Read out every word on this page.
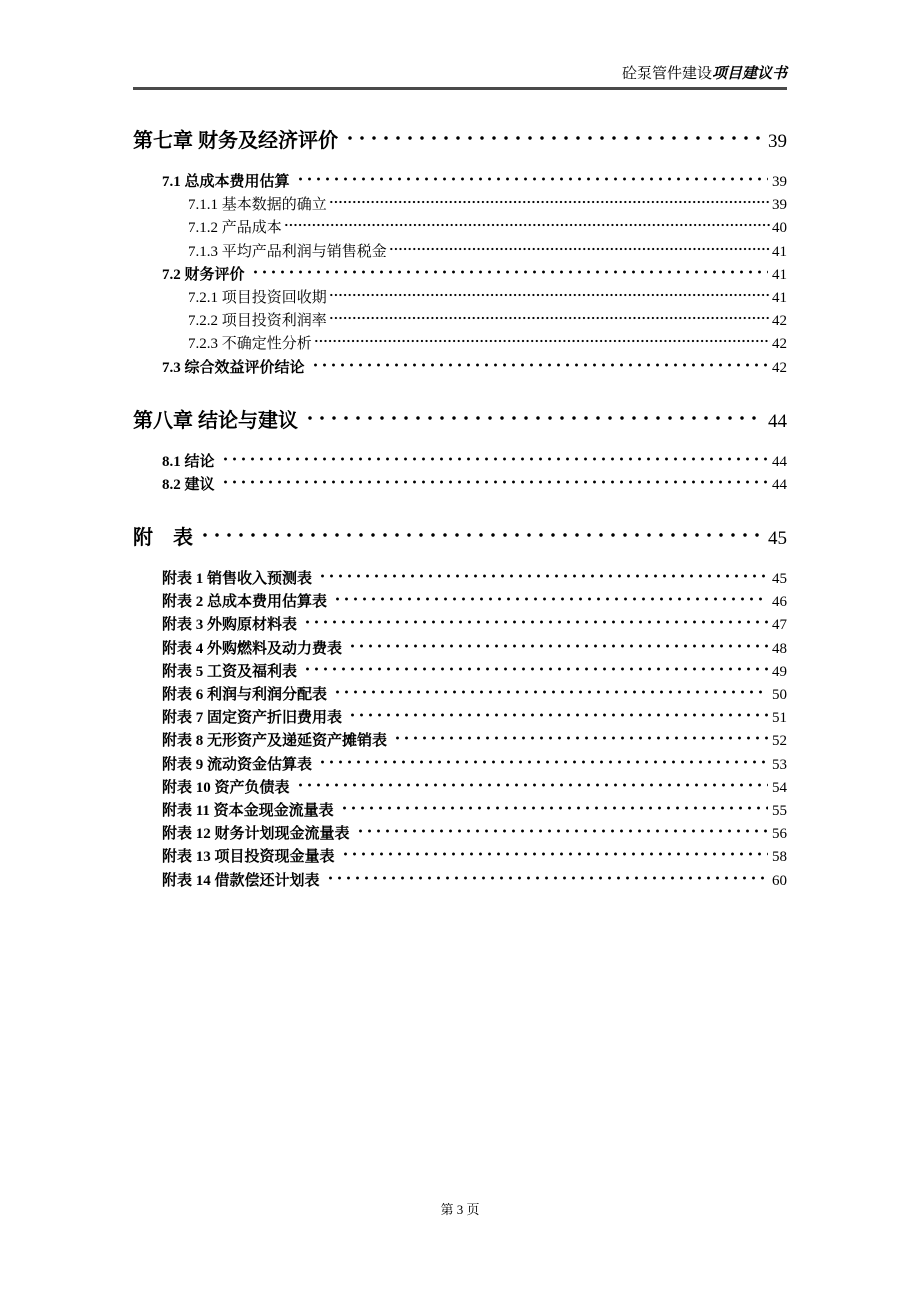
砼泵管件建设项目建议书
第七章 财务及经济评价	39
7.1 总成本费用估算	39
7.1.1 基本数据的确立	39
7.1.2 产品成本	40
7.1.3 平均产品利润与销售税金	41
7.2 财务评价	41
7.2.1 项目投资回收期	41
7.2.2 项目投资利润率	42
7.2.3 不确定性分析	42
7.3 综合效益评价结论	42
第八章 结论与建议	44
8.1 结论	44
8.2 建议	44
附　表	45
附表 1 销售收入预测表	45
附表 2 总成本费用估算表	46
附表 3 外购原材料表	47
附表 4 外购燃料及动力费表	48
附表 5 工资及福利表	49
附表 6 利润与利润分配表	50
附表 7 固定资产折旧费用表	51
附表 8 无形资产及递延资产摊销表	52
附表 9 流动资金估算表	53
附表 10 资产负债表	54
附表 11 资本金现金流量表	55
附表 12 财务计划现金流量表	56
附表 13 项目投资现金量表	58
附表 14 借款偿还计划表	60
第 3 页
